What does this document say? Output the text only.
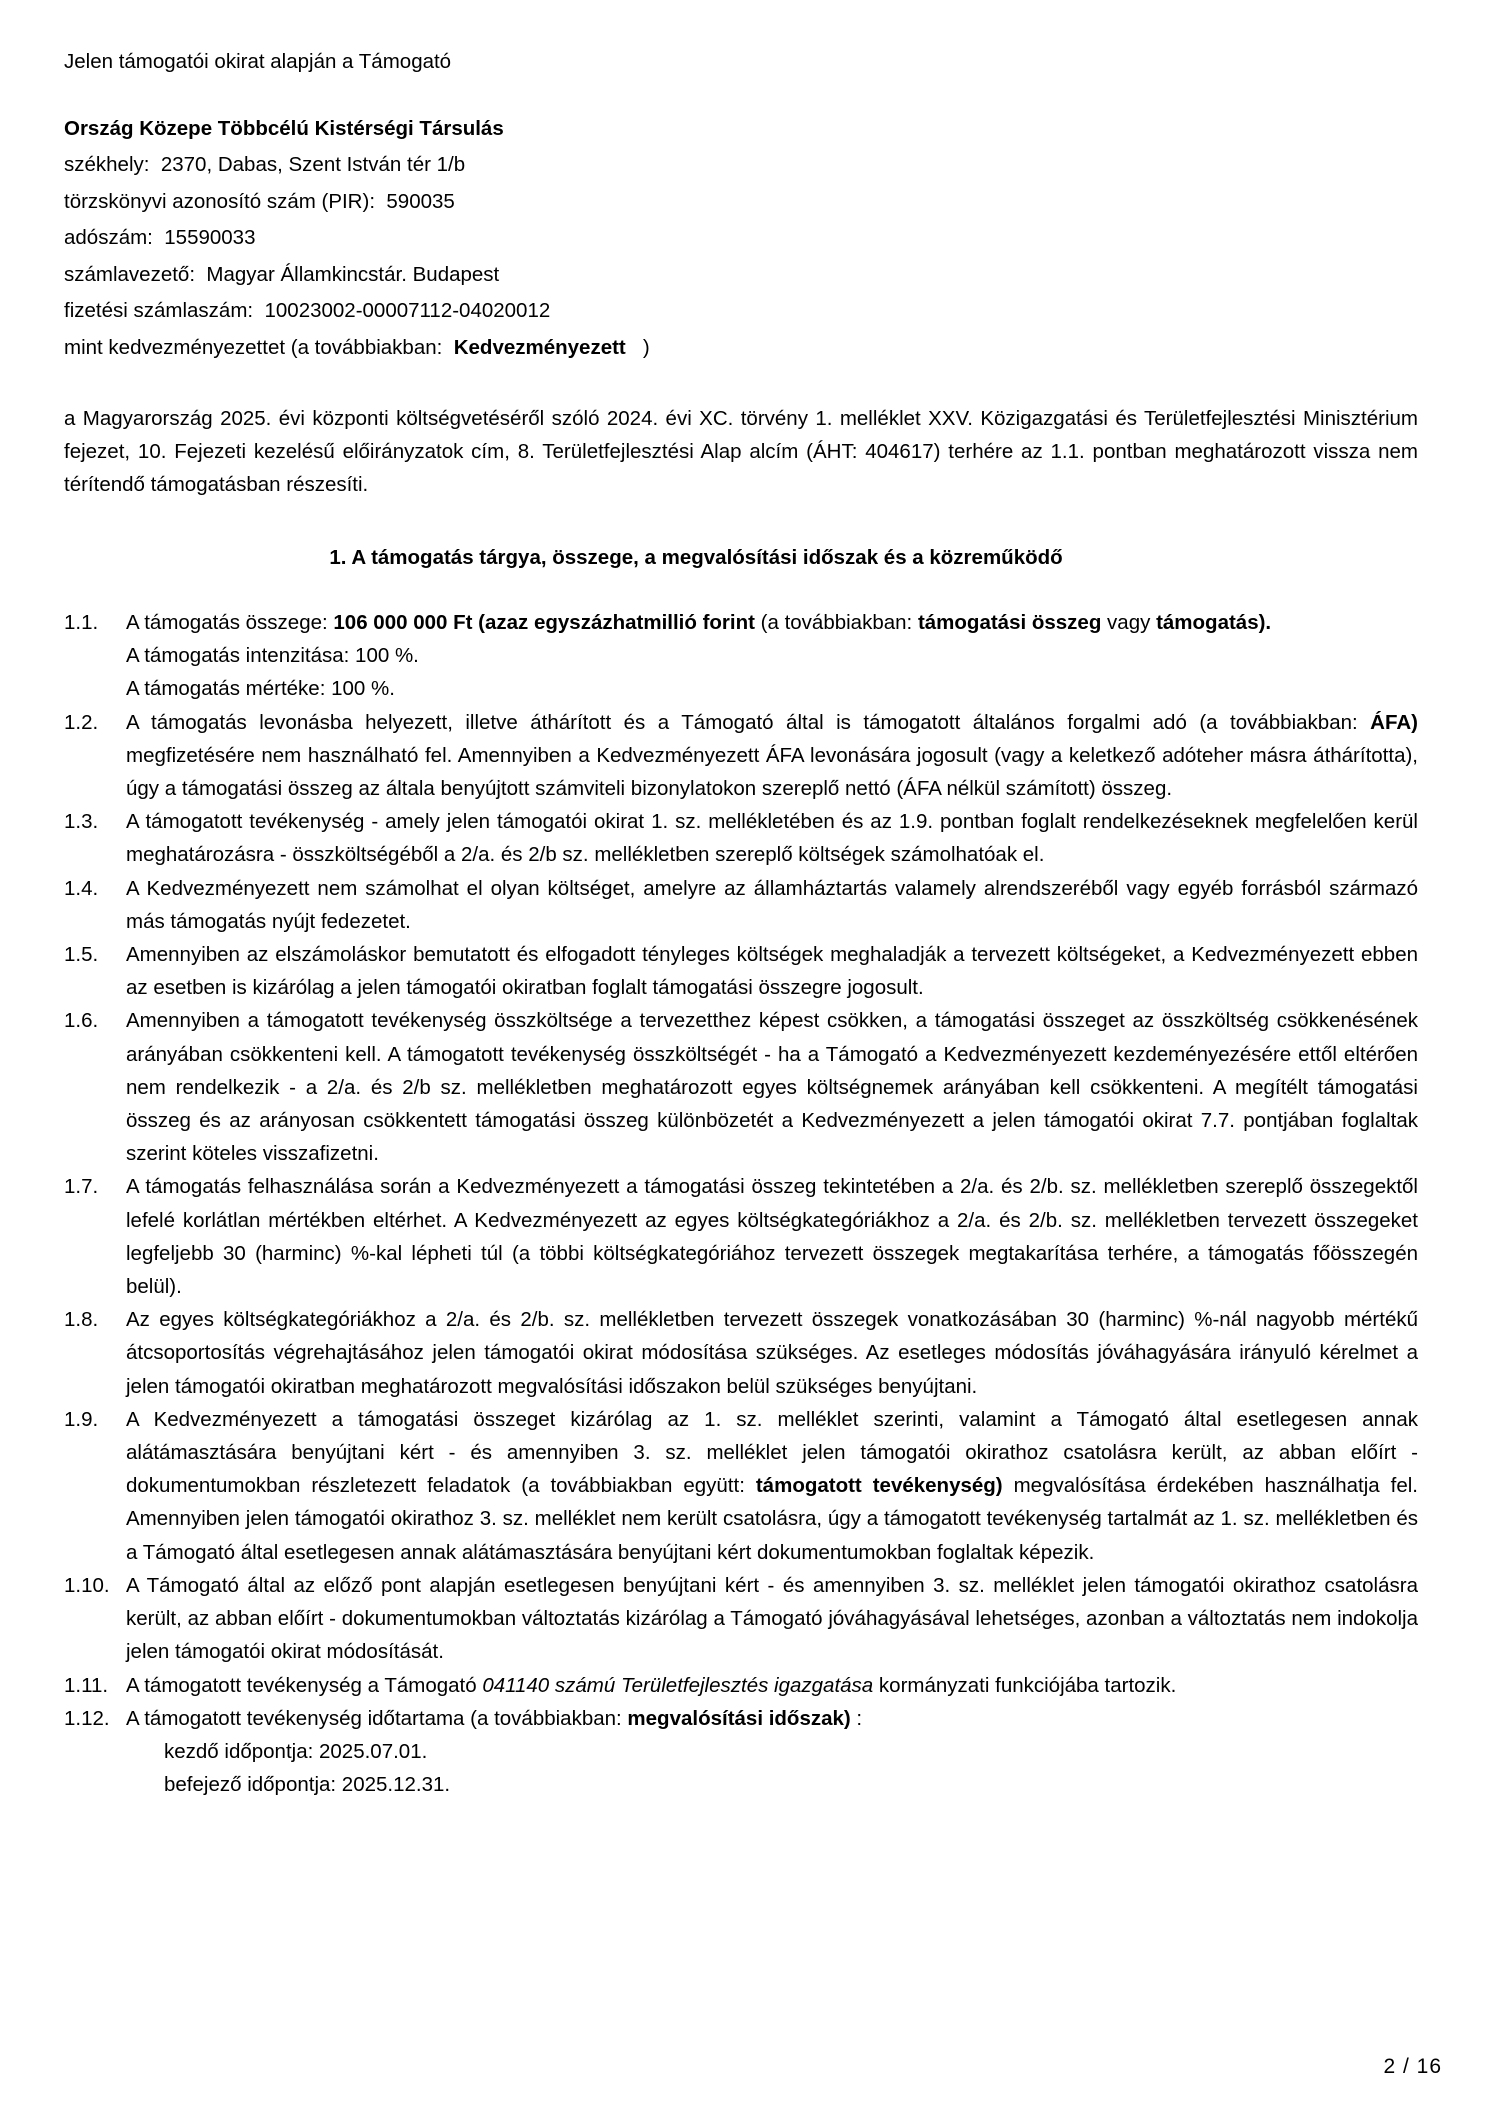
Jelen támogatói okirat alapján a Támogató

Ország Közepe Többcélú Kistérségi Társulás
székhely:  2370, Dabas, Szent István tér 1/b
törzskönyvi azonosító szám (PIR):  590035
adószám:  15590033
számlavezető:  Magyar Államkincstár. Budapest
fizetési számlaszám:  10023002-00007112-04020012
mint kedvezményezettet (a továbbiakban:  Kedvezményezett   )

a Magyarország 2025. évi központi költségvetéséről szóló 2024. évi XC. törvény 1. melléklet XXV. Közigazgatási és Területfejlesztési Minisztérium fejezet, 10. Fejezeti kezelésű előirányzatok cím, 8. Területfejlesztési Alap alcím (ÁHT: 404617) terhére az 1.1. pontban meghatározott vissza nem térítendő támogatásban részesíti.

1. A támogatás tárgya, összege, a megvalósítási időszak és a közreműködő
1.1.	A támogatás összege: 106 000 000 Ft (azaz egyszázhatmillió forint (a továbbiakban: támogatási összeg vagy támogatás).
A támogatás intenzitása: 100 %.
A támogatás mértéke: 100 %.
1.2.	A támogatás levonásba helyezett, illetve áthárított és a Támogató által is támogatott általános forgalmi adó (a továbbiakban: ÁFA) megfizetésére nem használható fel. Amennyiben a Kedvezményezett ÁFA levonására jogosult (vagy a keletkező adóteher másra áthárította), úgy a támogatási összeg az általa benyújtott számviteli bizonylatokon szereplő nettó (ÁFA nélkül számított) összeg.
1.3.	A támogatott tevékenység - amely jelen támogatói okirat 1. sz. mellékletében és az 1.9. pontban foglalt rendelkezéseknek megfelelően kerül meghatározásra - összköltségéből a 2/a. és 2/b sz. mellékletben szereplő költségek számolhatóak el.
1.4.	A Kedvezményezett nem számolhat el olyan költséget, amelyre az államháztartás valamely alrendszeréből vagy egyéb forrásból származó más támogatás nyújt fedezetet.
1.5.	Amennyiben az elszámoláskor bemutatott és elfogadott tényleges költségek meghaladják a tervezett költségeket, a Kedvezményezett ebben az esetben is kizárólag a jelen támogatói okiratban foglalt támogatási összegre jogosult.
1.6.	Amennyiben a támogatott tevékenység összköltsége a tervezetthez képest csökken, a támogatási összeget az összköltség csökkenésének arányában csökkenteni kell. A támogatott tevékenység összköltségét - ha a Támogató a Kedvezményezett kezdeményezésére ettől eltérően nem rendelkezik - a 2/a. és 2/b sz. mellékletben meghatározott egyes költségnemek arányában kell csökkenteni. A megítélt támogatási összeg és az arányosan csökkentett támogatási összeg különbözetét a Kedvezményezett a jelen támogatói okirat 7.7. pontjában foglaltak szerint köteles visszafizetni.
1.7.	A támogatás felhasználása során a Kedvezményezett a támogatási összeg tekintetében a 2/a. és 2/b. sz. mellékletben szereplő összegektől lefelé korlátlan mértékben eltérhet. A Kedvezményezett az egyes költségkategóriákhoz a 2/a. és 2/b. sz. mellékletben tervezett összegeket legfeljebb 30 (harminc) %-kal lépheti túl (a többi költségkategóriához tervezett összegek megtakarítása terhére, a támogatás főösszegén belül).
1.8.	Az egyes költségkategóriákhoz a 2/a. és 2/b. sz. mellékletben tervezett összegek vonatkozásában 30 (harminc) %-nál nagyobb mértékű átcsoportosítás végrehajtásához jelen támogatói okirat módosítása szükséges. Az esetleges módosítás jóváhagyására irányuló kérelmet a jelen támogatói okiratban meghatározott megvalósítási időszakon belül szükséges benyújtani.
1.9.	A Kedvezményezett a támogatási összeget kizárólag az 1. sz. melléklet szerinti, valamint a Támogató által esetlegesen annak alátámasztására benyújtani kért - és amennyiben 3. sz. melléklet jelen támogatói okirathoz csatolásra került, az abban előírt - dokumentumokban részletezett feladatok (a továbbiakban együtt: támogatott tevékenység) megvalósítása érdekében használhatja fel. Amennyiben jelen támogatói okirathoz 3. sz. melléklet nem került csatolásra, úgy a támogatott tevékenység tartalmát az 1. sz. mellékletben és a Támogató által esetlegesen annak alátámasztására benyújtani kért dokumentumokban foglaltak képezik.
1.10. A Támogató által az előző pont alapján esetlegesen benyújtani kért - és amennyiben 3. sz. melléklet jelen támogatói okirathoz csatolásra került, az abban előírt - dokumentumokban változtatás kizárólag a Támogató jóváhagyásával lehetséges, azonban a változtatás nem indokolja jelen támogatói okirat módosítását.
1.11. A támogatott tevékenység a Támogató 041140 számú Területfejlesztés igazgatása kormányzati funkciójába tartozik.
1.12. A támogatott tevékenység időtartama (a továbbiakban: megvalósítási időszak) :
kezdő időpontja: 2025.07.01.
befejező időpontja: 2025.12.31.
2 / 16
